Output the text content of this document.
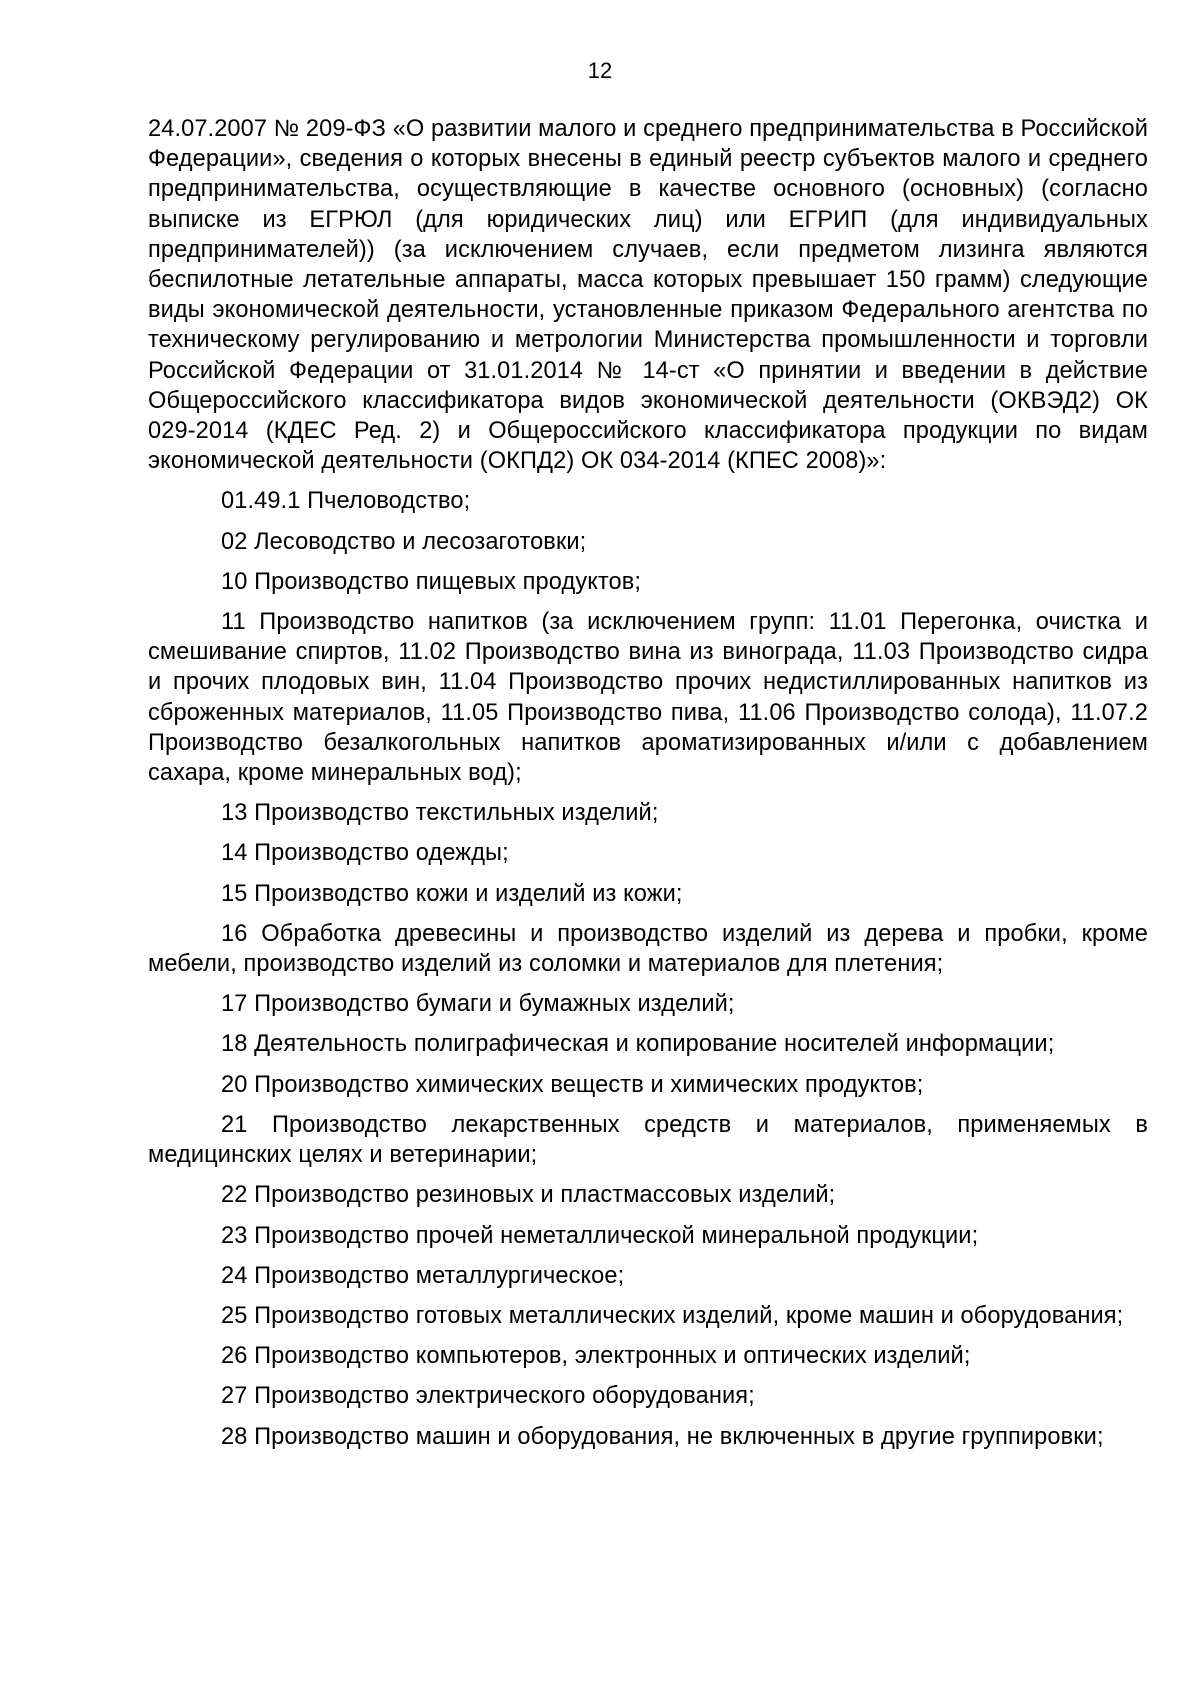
12

24.07.2007 № 209-ФЗ «О развитии малого и среднего предпринимательства в Российской Федерации», сведения о которых внесены в единый реестр субъектов малого и среднего предпринимательства, осуществляющие в качестве основного (основных) (согласно выписке из ЕГРЮЛ (для юридических лиц) или ЕГРИП (для индивидуальных предпринимателей)) (за исключением случаев, если предметом лизинга являются беспилотные летательные аппараты, масса которых превышает 150 грамм) следующие виды экономической деятельности, установленные приказом Федерального агентства по техническому регулированию и метрологии Министерства промышленности и торговли Российской Федерации от 31.01.2014 № 14-ст «О принятии и введении в действие Общероссийского классификатора видов экономической деятельности (ОКВЭД2) ОК 029-2014 (КДЕС Ред. 2) и Общероссийского классификатора продукции по видам экономической деятельности (ОКПД2) ОК 034-2014 (КПЕС 2008)»:

01.49.1 Пчеловодство;

02 Лесоводство и лесозаготовки;

10 Производство пищевых продуктов;

11 Производство напитков (за исключением групп: 11.01 Перегонка, очистка и смешивание спиртов, 11.02 Производство вина из винограда, 11.03 Производство сидра и прочих плодовых вин, 11.04 Производство прочих недистиллированных напитков из сброженных материалов, 11.05 Производство пива, 11.06 Производство солода), 11.07.2 Производство безалкогольных напитков ароматизированных и/или с добавлением сахара, кроме минеральных вод);

13 Производство текстильных изделий;

14 Производство одежды;

15 Производство кожи и изделий из кожи;

16 Обработка древесины и производство изделий из дерева и пробки, кроме мебели, производство изделий из соломки и материалов для плетения;

17 Производство бумаги и бумажных изделий;

18 Деятельность полиграфическая и копирование носителей информации;

20 Производство химических веществ и химических продуктов;

21 Производство лекарственных средств и материалов, применяемых в медицинских целях и ветеринарии;

22 Производство резиновых и пластмассовых изделий;

23 Производство прочей неметаллической минеральной продукции;

24 Производство металлургическое;

25 Производство готовых металлических изделий, кроме машин и оборудования;

26 Производство компьютеров, электронных и оптических изделий;

27 Производство электрического оборудования;

28 Производство машин и оборудования, не включенных в другие группировки;
